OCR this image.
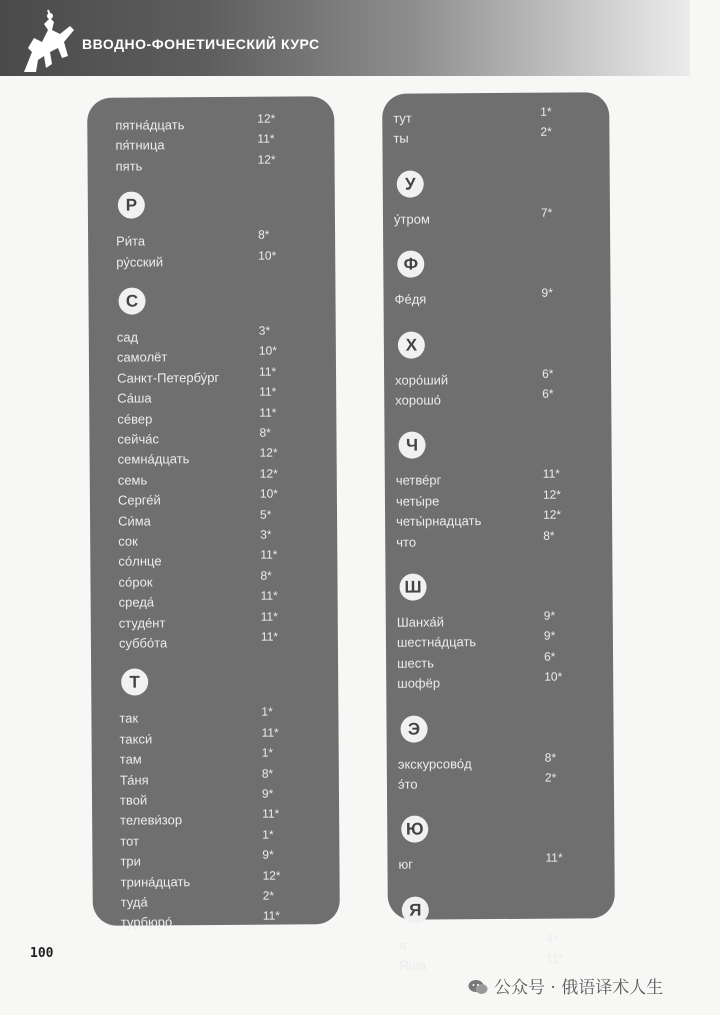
ВВОДНО-ФОНЕТИЧЕСКИЙ КУРС
пятна́дцать	12*
пя́тница	11*
пять	12*
Р
Ри́та	8*
ру́сский	10*
С
сад	3*
самолёт	10*
Санкт-Петербу́рг	11*
Са́ша	11*
се́вер	11*
сейча́с	8*
семна́дцать	12*
семь	12*
Серге́й	10*
Си́ма	5*
сок	3*
со́лнце	11*
со́рок	8*
среда́	11*
студе́нт	11*
суббо́та	11*
Т
так	1*
такси́	11*
там	1*
Та́ня	8*
твой	9*
телеви́зор	11*
тот	1*
три	9*
трина́дцать	12*
туда́	2*
турбюро́	11*
тут	1*
ты	2*
У
у́тром	7*
Ф
Фе́дя	9*
Х
хоро́ший	6*
хорошо́	6*
Ч
четве́рг	11*
четы́ре	12*
четы́рнадцать	12*
что	8*
Ш
Шанха́й	9*
шестна́дцать	9*
шесть	6*
шофёр	10*
Э
экскурсово́д	8*
э́то	2*
Ю
юг	11*
Я
я	4*
Яша	11*
100
公众号 · 俄语译术人生
